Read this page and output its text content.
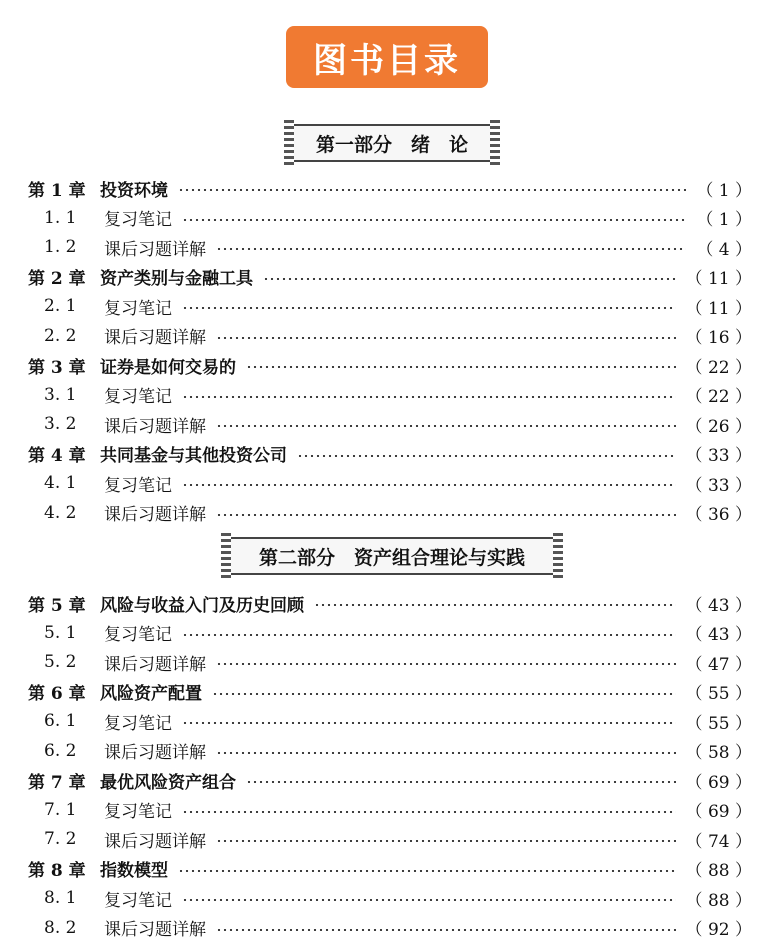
图书目录
第一部分　绪　论
第二部分　资产组合理论与实践
第 1 章 投资环境	（ 1 ）
1. 1	复习笔记	（ 1 ）
1. 2	课后习题详解	（ 4 ）
第 2 章 资产类别与金融工具	（ 11 ）
2. 1	复习笔记	（ 11 ）
2. 2	课后习题详解	（ 16 ）
第 3 章 证券是如何交易的	（ 22 ）
3. 1	复习笔记	（ 22 ）
3. 2	课后习题详解	（ 26 ）
第 4 章 共同基金与其他投资公司	（ 33 ）
4. 1	复习笔记	（ 33 ）
4. 2	课后习题详解	（ 36 ）
第 5 章 风险与收益入门及历史回顾	（ 43 ）
5. 1	复习笔记	（ 43 ）
5. 2	课后习题详解	（ 47 ）
第 6 章 风险资产配置	（ 55 ）
6. 1	复习笔记	（ 55 ）
6. 2	课后习题详解	（ 58 ）
第 7 章 最优风险资产组合	（ 69 ）
7. 1	复习笔记	（ 69 ）
7. 2	课后习题详解	（ 74 ）
第 8 章 指数模型	（ 88 ）
8. 1	复习笔记	（ 88 ）
8. 2	课后习题详解	（ 92 ）
